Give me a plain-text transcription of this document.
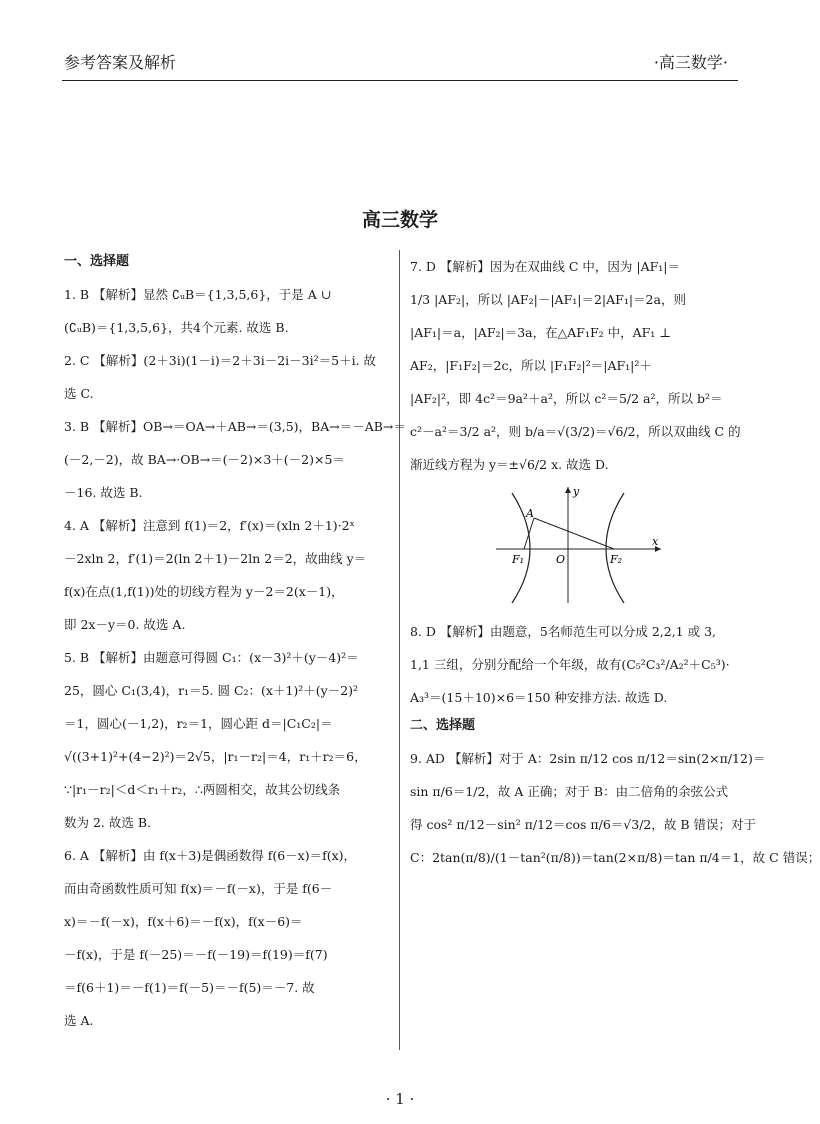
参考答案及解析	·高三数学·
高三数学
一、选择题
1. B 【解析】显然 ∁ᵤB＝{1,3,5,6}，于是 A ∪
(∁ᵤB)＝{1,3,5,6}，共4个元素. 故选 B.
2. C 【解析】(2＋3i)(1－i)＝2＋3i－2i－3i²＝5＋i. 故
选 C.
3. B 【解析】OB→＝OA→＋AB→＝(3,5)，BA→＝－AB→＝
(－2,－2)，故 BA→·OB→＝(－2)×3＋(－2)×5＝
－16. 故选 B.
4. A 【解析】注意到 f(1)＝2，f′(x)＝(xln 2＋1)·2ˣ
－2xln 2，f′(1)＝2(ln 2＋1)－2ln 2＝2，故曲线 y＝
f(x)在点(1,f(1))处的切线方程为 y－2＝2(x－1)，
即 2x－y＝0. 故选 A.
5. B 【解析】由题意可得圆 C₁：(x－3)²＋(y－4)²＝
25，圆心 C₁(3,4)，r₁＝5. 圆 C₂：(x＋1)²＋(y－2)²
＝1，圆心(－1,2)，r₂＝1，圆心距 d＝|C₁C₂|＝
√((3+1)²+(4−2)²)＝2√5，|r₁－r₂|＝4，r₁＋r₂＝6，
∵|r₁－r₂|＜d＜r₁＋r₂，∴两圆相交，故其公切线条
数为 2. 故选 B.
6. A 【解析】由 f(x＋3)是偶函数得 f(6－x)＝f(x)，
而由奇函数性质可知 f(x)＝－f(－x)，于是 f(6－
x)＝－f(－x)，f(x＋6)＝－f(x)，f(x－6)＝
－f(x)，于是 f(－25)＝－f(－19)＝f(19)＝f(7)
＝f(6＋1)＝－f(1)＝f(－5)＝－f(5)＝－7. 故
选 A.
7. D 【解析】因为在双曲线 C 中，因为 |AF₁|＝
1/3 |AF₂|，所以 |AF₂|－|AF₁|＝2|AF₁|＝2a，则
|AF₁|＝a，|AF₂|＝3a，在△AF₁F₂ 中，AF₁ ⊥
AF₂，|F₁F₂|＝2c，所以 |F₁F₂|²＝|AF₁|²＋
|AF₂|²，即 4c²＝9a²＋a²，所以 c²＝5/2 a²，所以 b²＝
c²－a²＝3/2 a²，则 b/a＝√(3/2)＝√6/2，所以双曲线 C 的
渐近线方程为 y＝±√6/2 x. 故选 D.
y
x
A
F₁	O	F₂
8. D 【解析】由题意，5名师范生可以分成 2,2,1 或 3,
1,1 三组，分别分配给一个年级，故有(C₅²C₃²/A₂²＋C₅³)·
A₃³＝(15＋10)×6＝150 种安排方法. 故选 D.
二、选择题
9. AD 【解析】对于 A：2sin π/12 cos π/12＝sin(2×π/12)＝
sin π/6＝1/2，故 A 正确；对于 B：由二倍角的余弦公式
得 cos² π/12－sin² π/12＝cos π/6＝√3/2，故 B 错误；对于
C：2tan(π/8)/(1－tan²(π/8))＝tan(2×π/8)＝tan π/4＝1，故 C 错误；
· 1 ·
